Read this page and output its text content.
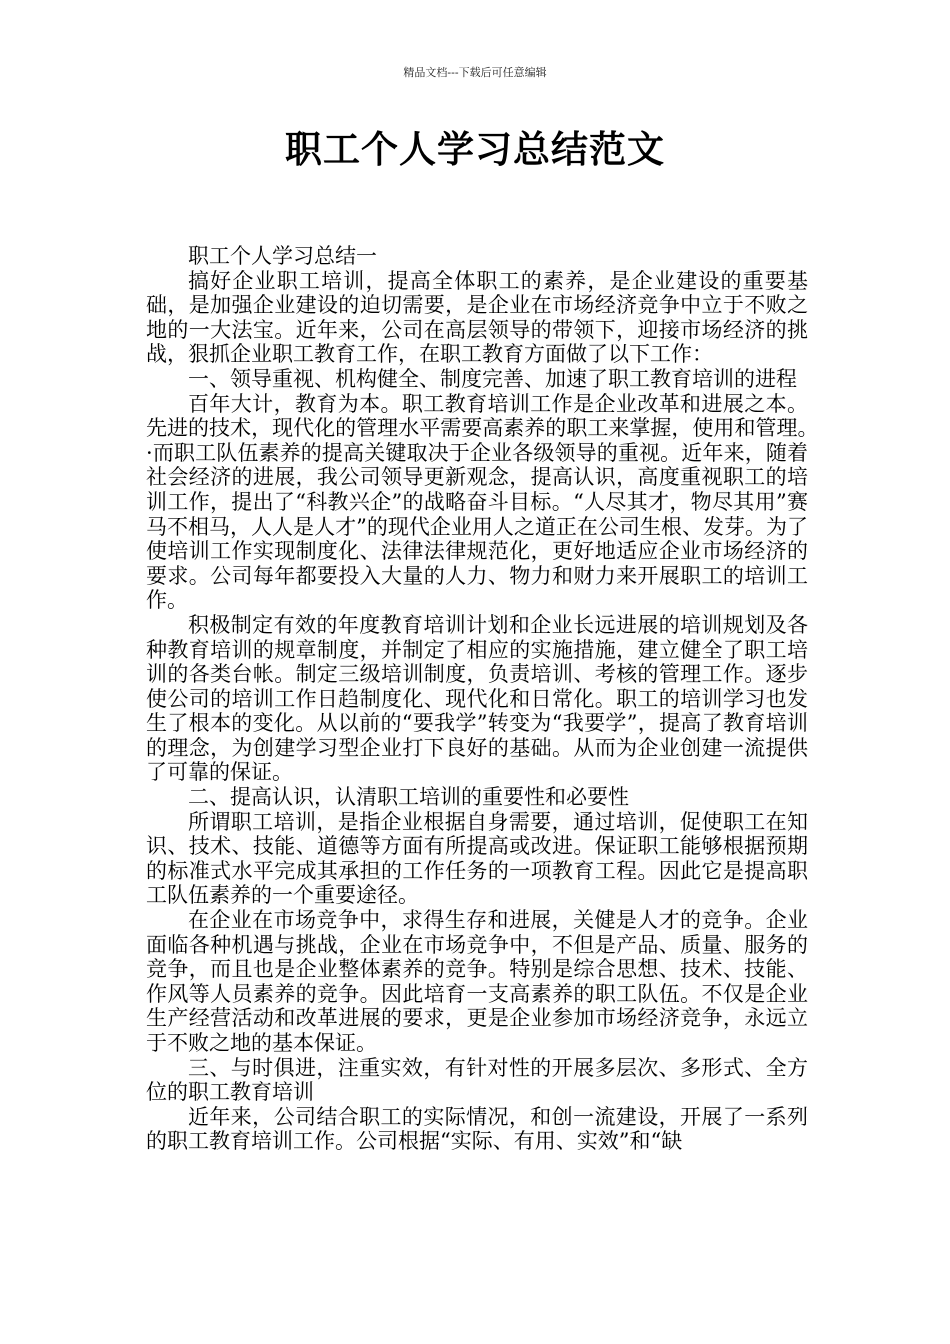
精品文档---下载后可任意编辑
职工个人学习总结范文

职工个人学习总结一

搞好企业职工培训，提高全体职工的素养，是企业建设的重要基础，是加强企业建设的迫切需要，是企业在市场经济竞争中立于不败之地的一大法宝。近年来，公司在高层领导的带领下，迎接市场经济的挑战，狠抓企业职工教育工作，在职工教育方面做了以下工作：

一、领导重视、机构健全、制度完善、加速了职工教育培训的进程

百年大计，教育为本。职工教育培训工作是企业改革和进展之本。先进的技术，现代化的管理水平需要高素养的职工来掌握，使用和管理。·而职工队伍素养的提高关键取决于企业各级领导的重视。近年来，随着社会经济的进展，我公司领导更新观念，提高认识，高度重视职工的培训工作，提出了“科教兴企”的战略奋斗目标。“人尽其才，物尽其用”赛马不相马，人人是人才”的现代企业用人之道正在公司生根、发芽。为了使培训工作实现制度化、法律法律规范化，更好地适应企业市场经济的要求。公司每年都要投入大量的人力、物力和财力来开展职工的培训工作。

积极制定有效的年度教育培训计划和企业长远进展的培训规划及各种教育培训的规章制度，并制定了相应的实施措施，建立健全了职工培训的各类台帐。制定三级培训制度，负责培训、考核的管理工作。逐步使公司的培训工作日趋制度化、现代化和日常化。职工的培训学习也发生了根本的变化。从以前的“要我学”转变为“我要学”，提高了教育培训的理念，为创建学习型企业打下良好的基础。从而为企业创建一流提供了可靠的保证。

二、提高认识，认清职工培训的重要性和必要性

所谓职工培训，是指企业根据自身需要，通过培训，促使职工在知识、技术、技能、道德等方面有所提高或改进。保证职工能够根据预期的标准式水平完成其承担的工作任务的一项教育工程。因此它是提高职工队伍素养的一个重要途径。

在企业在市场竞争中，求得生存和进展，关健是人才的竞争。企业面临各种机遇与挑战，企业在市场竞争中，不但是产品、质量、服务的竞争，而且也是企业整体素养的竞争。特别是综合思想、技术、技能、作风等人员素养的竞争。因此培育一支高素养的职工队伍。不仅是企业生产经营活动和改革进展的要求，更是企业参加市场经济竞争，永远立于不败之地的基本保证。

三、与时俱进，注重实效，有针对性的开展多层次、多形式、全方位的职工教育培训

近年来，公司结合职工的实际情况，和创一流建设，开展了一系列的职工教育培训工作。公司根据“实际、有用、实效”和“缺
